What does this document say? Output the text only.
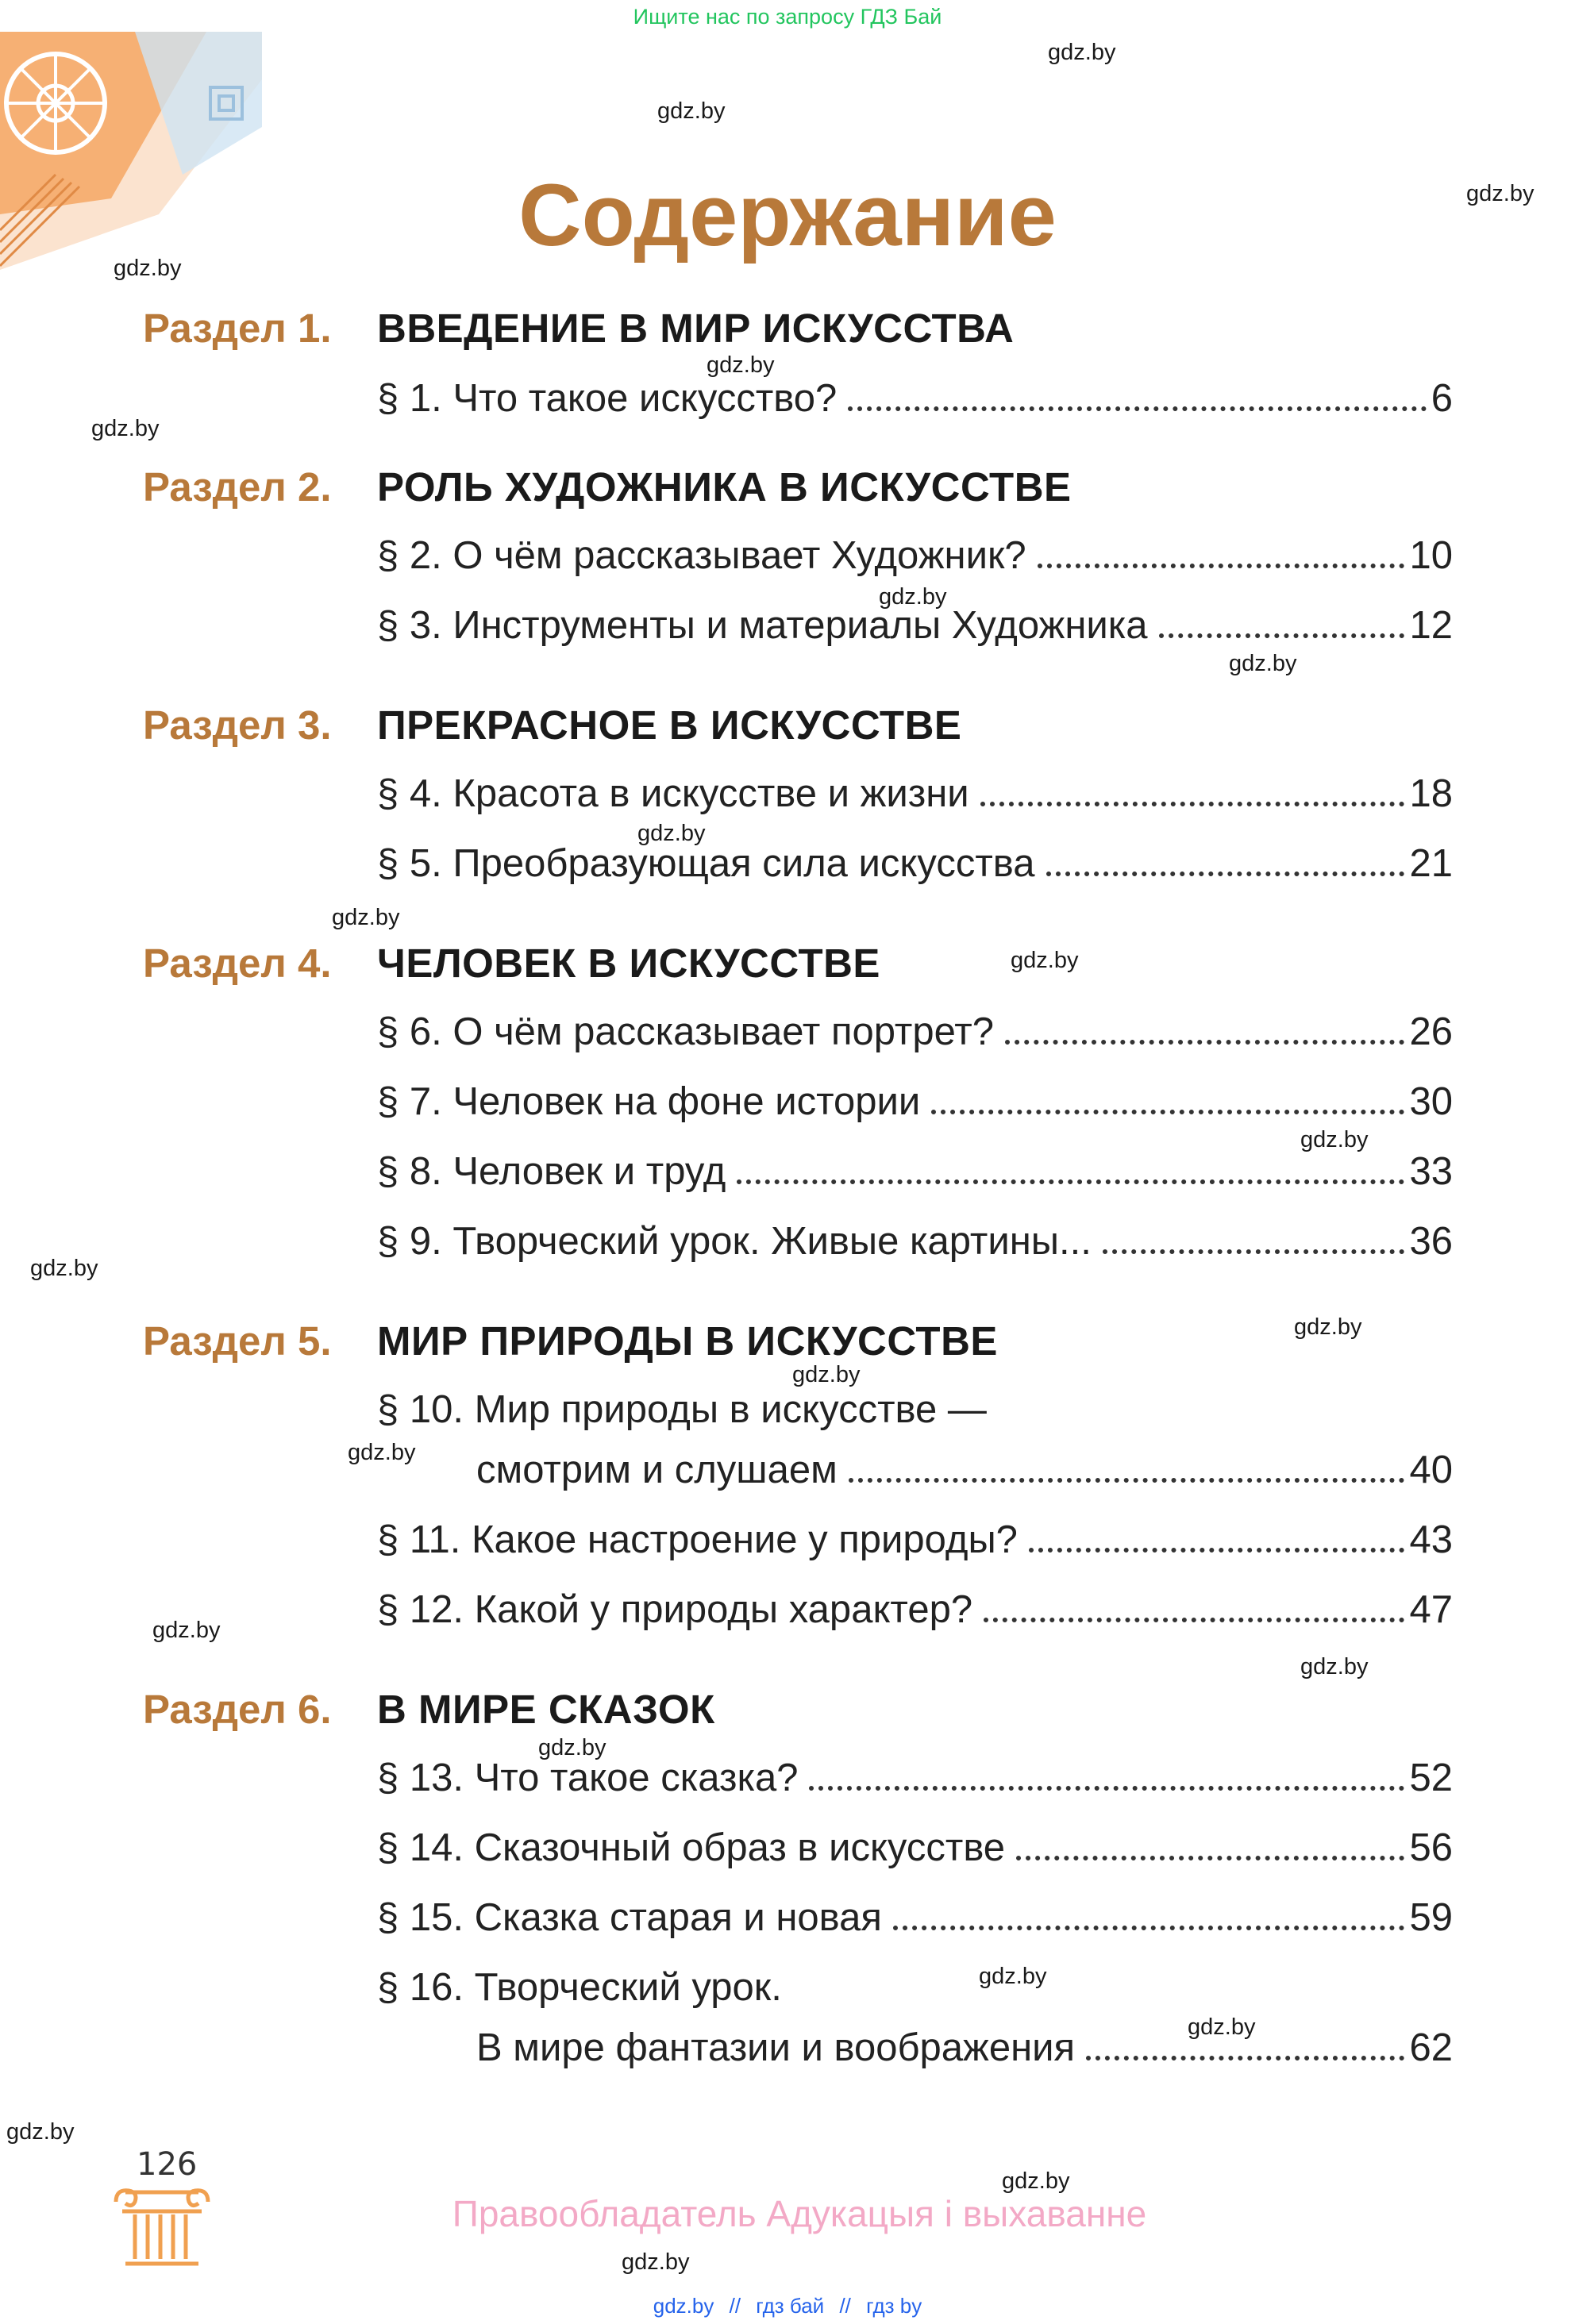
Ищите нас по запросу ГДЗ Бай
gdz.by
gdz.by
gdz.by
gdz.by
gdz.by
gdz.by
gdz.by
gdz.by
gdz.by
gdz.by
gdz.by
gdz.by
gdz.by
gdz.by
gdz.by
gdz.by
gdz.by
gdz.by
gdz.by
gdz.by
gdz.by
gdz.by
gdz.by
gdz.by
Содержание
Раздел 1. ВВЕДЕНИЕ В МИР ИСКУССТВА
§ 1. Что такое искусство?	6
Раздел 2. РОЛЬ ХУДОЖНИКА В ИСКУССТВЕ
§ 2. О чём рассказывает Художник?	10
§ 3. Инструменты и материалы Художника	12
Раздел 3. ПРЕКРАСНОЕ В ИСКУССТВЕ
§ 4. Красота в искусстве и жизни	18
§ 5. Преобразующая сила искусства	21
Раздел 4. ЧЕЛОВЕК В ИСКУССТВЕ
§ 6. О чём рассказывает портрет?	26
§ 7. Человек на фоне истории	30
§ 8. Человек и труд	33
§ 9. Творческий урок. Живые картины...	36
Раздел 5. МИР ПРИРОДЫ В ИСКУССТВЕ
§ 10. Мир природы в искусстве —
смотрим и слушаем	40
§ 11. Какое настроение у природы?	43
§ 12. Какой у природы характер?	47
Раздел 6. В МИРЕ СКАЗОК
§ 13. Что такое сказка?	52
§ 14. Сказочный образ в искусстве	56
§ 15. Сказка старая и новая	59
§ 16. Творческий урок.
В мире фантазии и воображения	62
126
Правообладатель Адукацыя і выхаванне
gdz.by // гдз бай // гдз by
